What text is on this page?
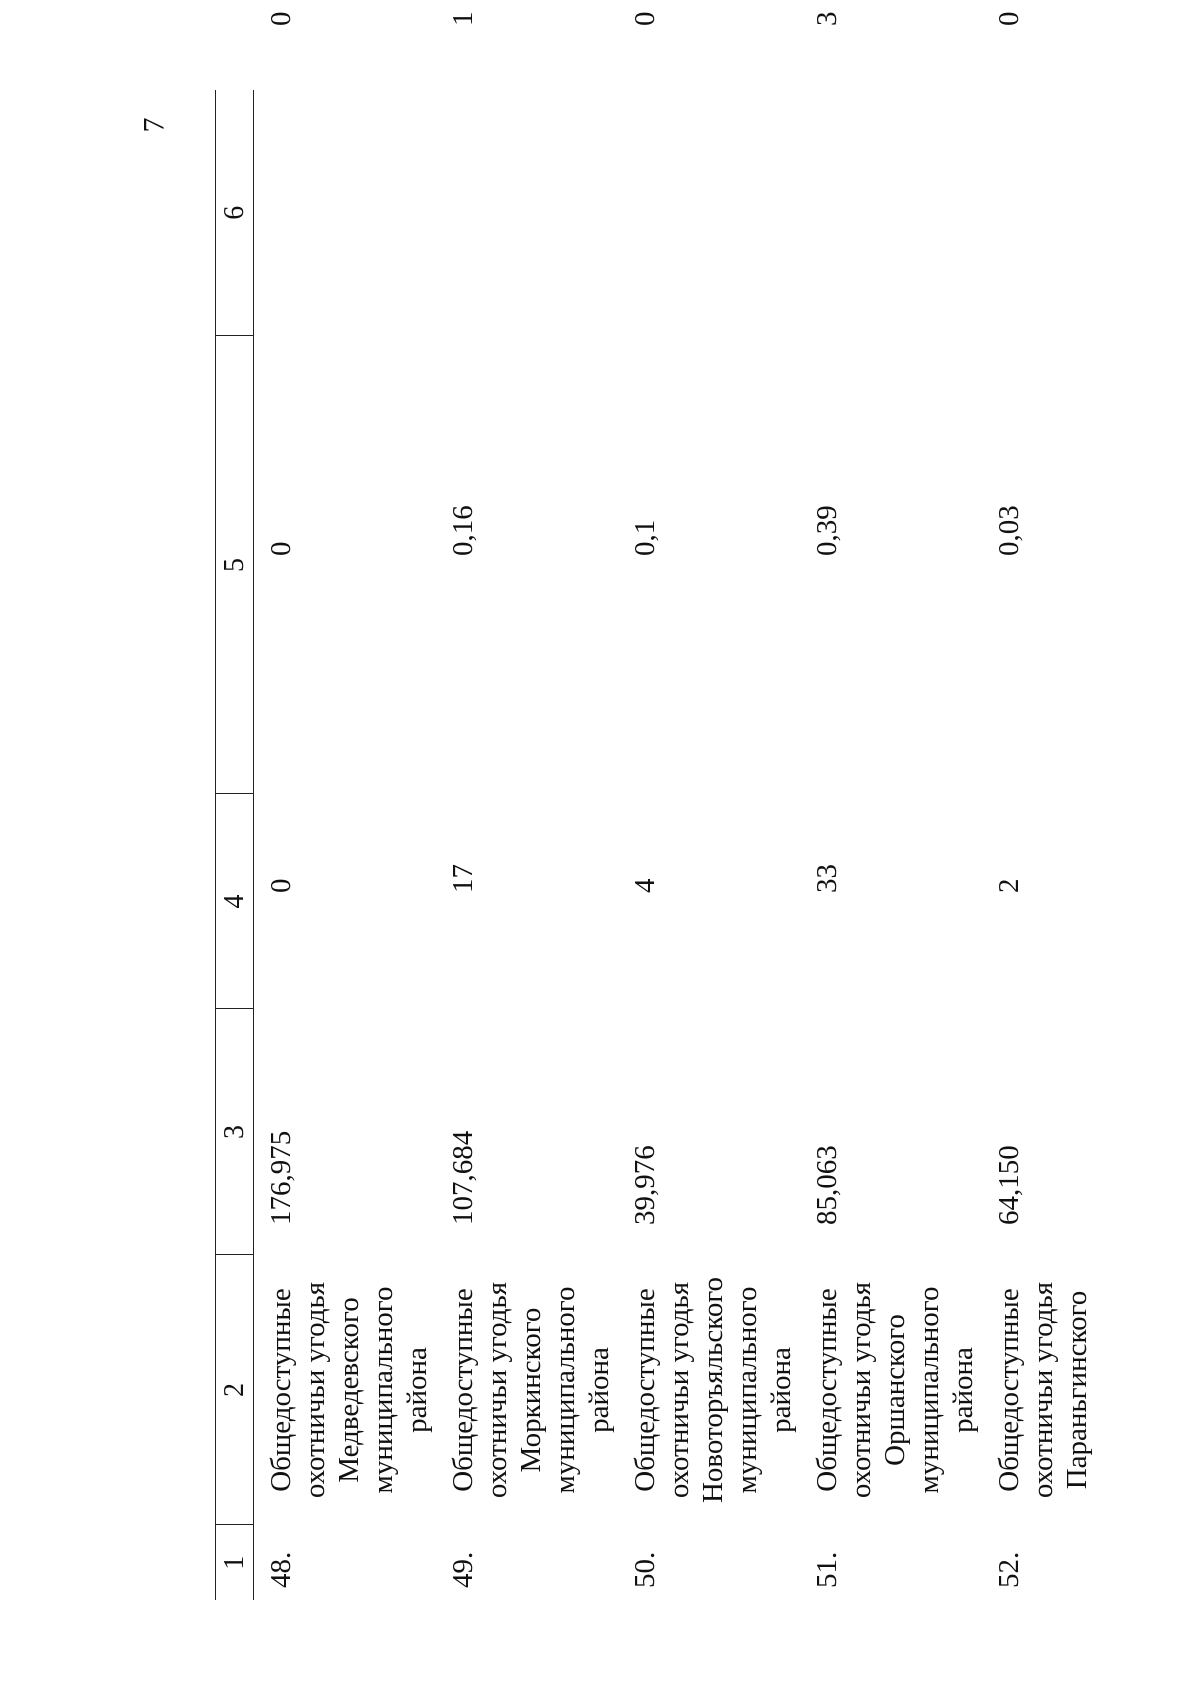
7
1	2	3	4	5	6
48.	Общедоступные охотничьи угодья Медведевского муниципального района	176,975	0	0	0
49.	Общедоступные охотничьи угодья Моркинского муниципального района	107,684	17	0,16	1
50.	Общедоступные охотничьи угодья Новоторъяльского муниципального района	39,976	4	0,1	0
51.	Общедоступные охотничьи угодья Оршанского муниципального района	85,063	33	0,39	3
52.	Общедоступные охотничьи угодья Параньгинского	64,150	2	0,03	0
